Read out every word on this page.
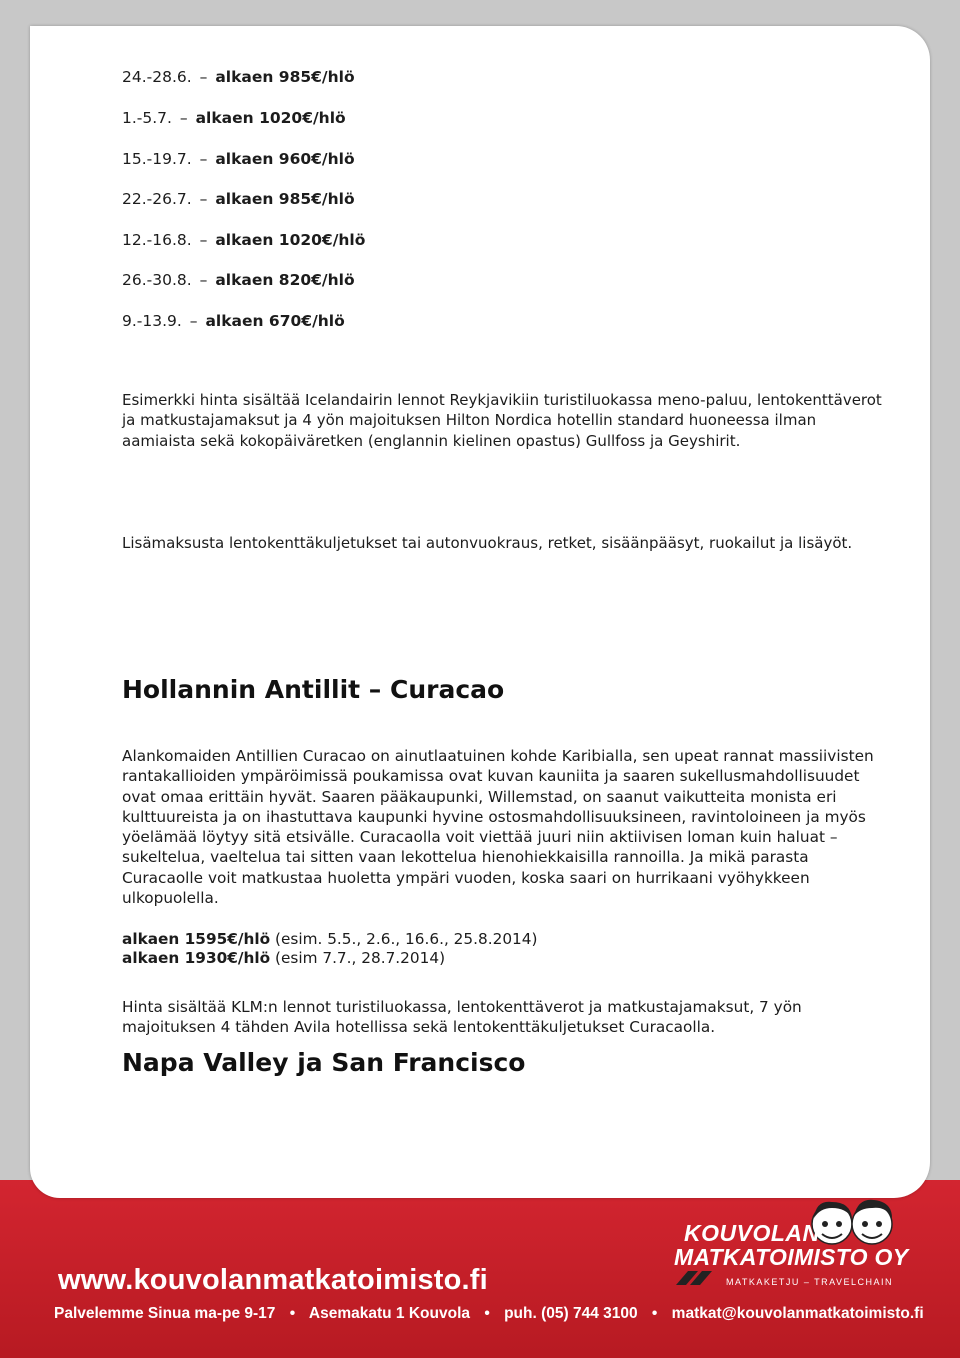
24.-28.6. – alkaen 985€/hlö
1.-5.7. – alkaen 1020€/hlö
15.-19.7. – alkaen 960€/hlö
22.-26.7. – alkaen 985€/hlö
12.-16.8. – alkaen 1020€/hlö
26.-30.8. – alkaen 820€/hlö
9.-13.9. – alkaen 670€/hlö
Esimerkki hinta sisältää Icelandairin lennot Reykjavikiin turistiluokassa meno-paluu, lentokenttäverot ja matkustajamaksut ja 4 yön majoituksen Hilton Nordica hotellin standard huoneessa ilman aamiaista sekä kokopäiväretken (englannin kielinen opastus) Gullfoss ja Geyshirit.
Lisämaksusta lentokenttäkuljetukset tai autonvuokraus, retket, sisäänpääsyt, ruokailut ja lisäyöt.
Hollannin Antillit – Curacao
Alankomaiden Antillien Curacao on ainutlaatuinen kohde Karibialla, sen upeat rannat massiivisten rantakallioiden ympäröimissä poukamissa ovat kuvan kauniita ja saaren sukellusmahdollisuudet ovat omaa erittäin hyvät. Saaren pääkaupunki, Willemstad, on saanut vaikutteita monista eri kulttuureista ja on ihastuttava kaupunki hyvine ostosmahdollisuuksineen, ravintoloineen ja myös yöelämää löytyy sitä etsivälle. Curacaolla voit viettää juuri niin aktiivisen loman kuin haluat – sukeltelua, vaeltelua tai sitten vaan lekottelua hienohiekkaisilla rannoilla. Ja mikä parasta Curacaolle voit matkustaa huoletta ympäri vuoden, koska saari on hurrikaani vyöhykkeen ulkopuolella.
alkaen 1595€/hlö (esim. 5.5., 2.6., 16.6., 25.8.2014)
alkaen 1930€/hlö (esim 7.7., 28.7.2014)
Hinta sisältää KLM:n lennot turistiluokassa, lentokenttäverot ja matkustajamaksut, 7 yön majoituksen 4 tähden Avila hotellissa sekä lentokenttäkuljetukset Curacaolla.
Napa Valley ja San Francisco
KOUVOLAN
MATKATOIMISTO OY
MATKAKETJU – TRAVELCHAIN
www.kouvolanmatkatoimisto.fi
Palvelemme Sinua ma-pe 9-17 • Asemakatu 1 Kouvola • puh. (05) 744 3100 • matkat@kouvolanmatkatoimisto.fi
